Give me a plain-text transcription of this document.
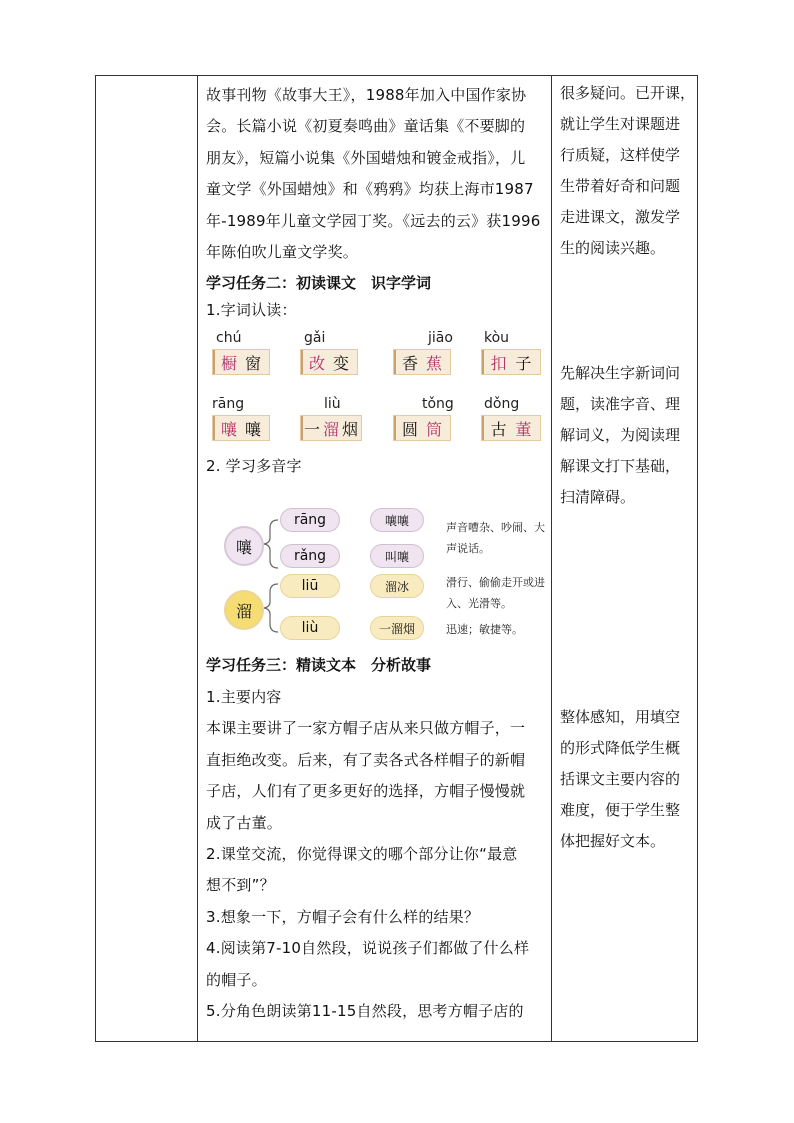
故事刊物《故事大王》，1988年加入中国作家协
会。长篇小说《初夏奏鸣曲》童话集《不要脚的
朋友》，短篇小说集《外国蜡烛和镀金戒指》，儿
童文学《外国蜡烛》和《鸦鸦》均获上海市1987
年-1989年儿童文学园丁奖。《远去的云》获1996
年陈伯吹儿童文学奖。
学习任务二：初读课文　识字学词
1.字词认读：
chú
橱 窗
gǎi
改 变
jiāo
香 蕉
kòu
扣 子
rāng
嚷 嚷
liù
一 溜 烟
tǒng
圆 筒
dǒng
古 董
2. 学习多音字
嚷
rāng	嚷嚷
rǎng	叫嚷
声音嘈杂、吵闹、大声说话。
溜
liū	溜冰
liù	一溜烟
滑行、偷偷走开或进入、光滑等。
迅速；敏捷等。
学习任务三：精读文本　分析故事
1.主要内容
本课主要讲了一家方帽子店从来只做方帽子，一
直拒绝改变。后来，有了卖各式各样帽子的新帽
子店，人们有了更多更好的选择，方帽子慢慢就
成了古董。
2.课堂交流，你觉得课文的哪个部分让你“最意
想不到”？
3.想象一下，方帽子会有什么样的结果？
4.阅读第7-10自然段，说说孩子们都做了什么样
的帽子。
5.分角色朗读第11-15自然段，思考方帽子店的
很多疑问。已开课，
就让学生对课题进
行质疑，这样使学
生带着好奇和问题
走进课文，激发学
生的阅读兴趣。
先解决生字新词问
题，读准字音、理
解词义，为阅读理
解课文打下基础，
扫清障碍。
整体感知，用填空
的形式降低学生概
括课文主要内容的
难度，便于学生整
体把握好文本。
